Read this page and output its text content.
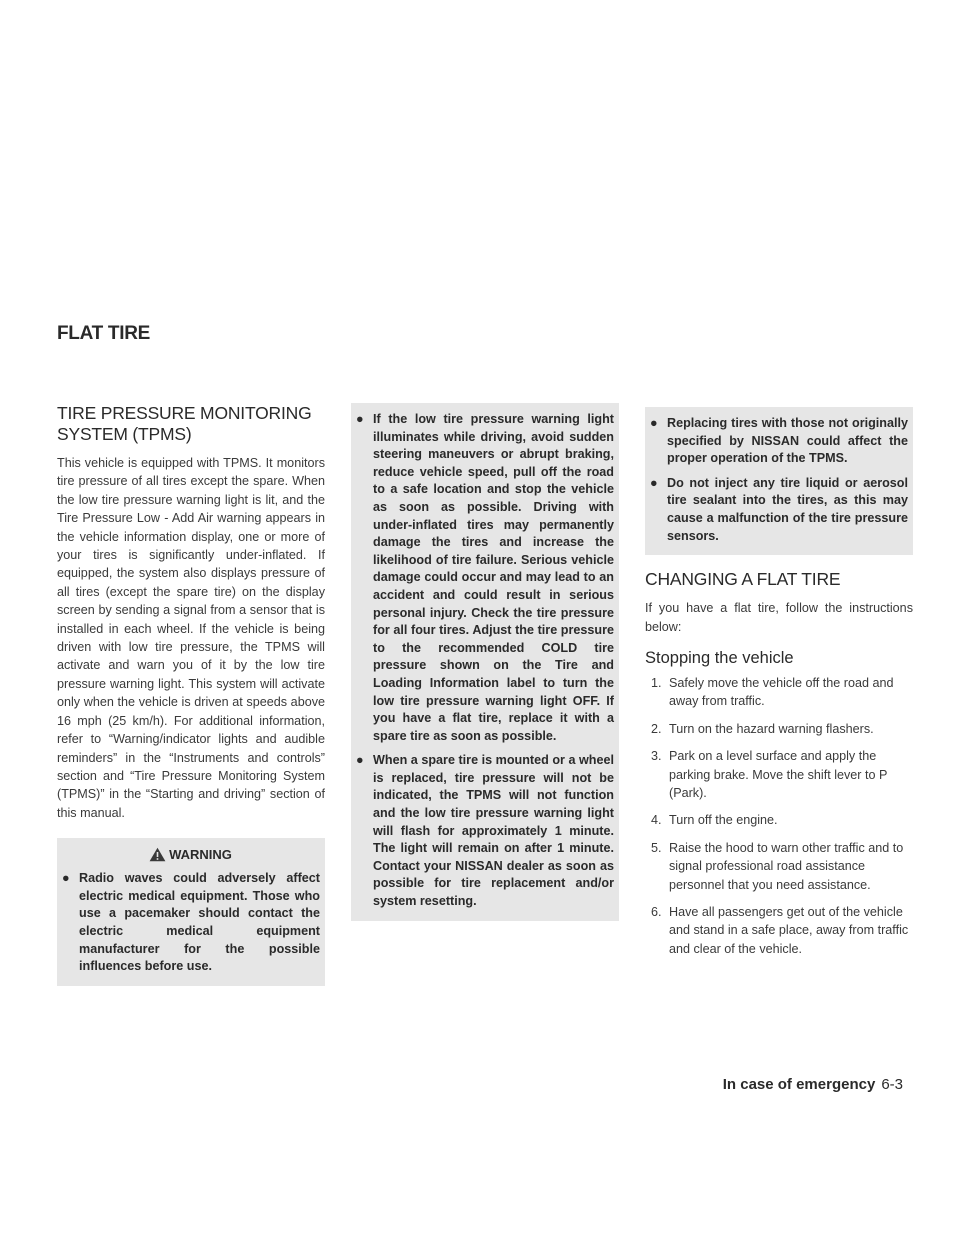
FLAT TIRE
TIRE PRESSURE MONITORING
SYSTEM (TPMS)

This vehicle is equipped with TPMS. It monitors tire pressure of all tires except the spare. When the low tire pressure warning light is lit, and the Tire Pressure Low - Add Air warning appears in the vehicle information display, one or more of your tires is significantly under-inflated. If equipped, the system also displays pressure of all tires (except the spare tire) on the display screen by sending a signal from a sensor that is installed in each wheel. If the vehicle is being driven with low tire pressure, the TPMS will activate and warn you of it by the low tire pressure warning light. This system will activate only when the vehicle is driven at speeds above 16 mph (25 km/h). For additional information, refer to “Warning/indicator lights and audible reminders” in the “Instruments and controls” section and “Tire Pressure Monitoring System (TPMS)” in the “Starting and driving” section of this manual.

WARNING
● Radio waves could adversely affect electric medical equipment. Those who use a pacemaker should contact the electric medical equipment manufacturer for the possible influences before use.
● If the low tire pressure warning light illuminates while driving, avoid sudden steering maneuvers or abrupt braking, reduce vehicle speed, pull off the road to a safe location and stop the vehicle as soon as possible. Driving with under-inflated tires may permanently damage the tires and increase the likelihood of tire failure. Serious vehicle damage could occur and may lead to an accident and could result in serious personal injury. Check the tire pressure for all four tires. Adjust the tire pressure to the recommended COLD tire pressure shown on the Tire and Loading Information label to turn the low tire pressure warning light OFF. If you have a flat tire, replace it with a spare tire as soon as possible.
● When a spare tire is mounted or a wheel is replaced, tire pressure will not be indicated, the TPMS will not function and the low tire pressure warning light will flash for approximately 1 minute. The light will remain on after 1 minute. Contact your NISSAN dealer as soon as possible for tire replacement and/or system resetting.
● Replacing tires with those not originally specified by NISSAN could affect the proper operation of the TPMS.
● Do not inject any tire liquid or aerosol tire sealant into the tires, as this may cause a malfunction of the tire pressure sensors.
CHANGING A FLAT TIRE

If you have a flat tire, follow the instructions below:

Stopping the vehicle
1. Safely move the vehicle off the road and away from traffic.
2. Turn on the hazard warning flashers.
3. Park on a level surface and apply the parking brake. Move the shift lever to P (Park).
4. Turn off the engine.
5. Raise the hood to warn other traffic and to signal professional road assistance personnel that you need assistance.
6. Have all passengers get out of the vehicle and stand in a safe place, away from traffic and clear of the vehicle.
In case of emergency 6-3
